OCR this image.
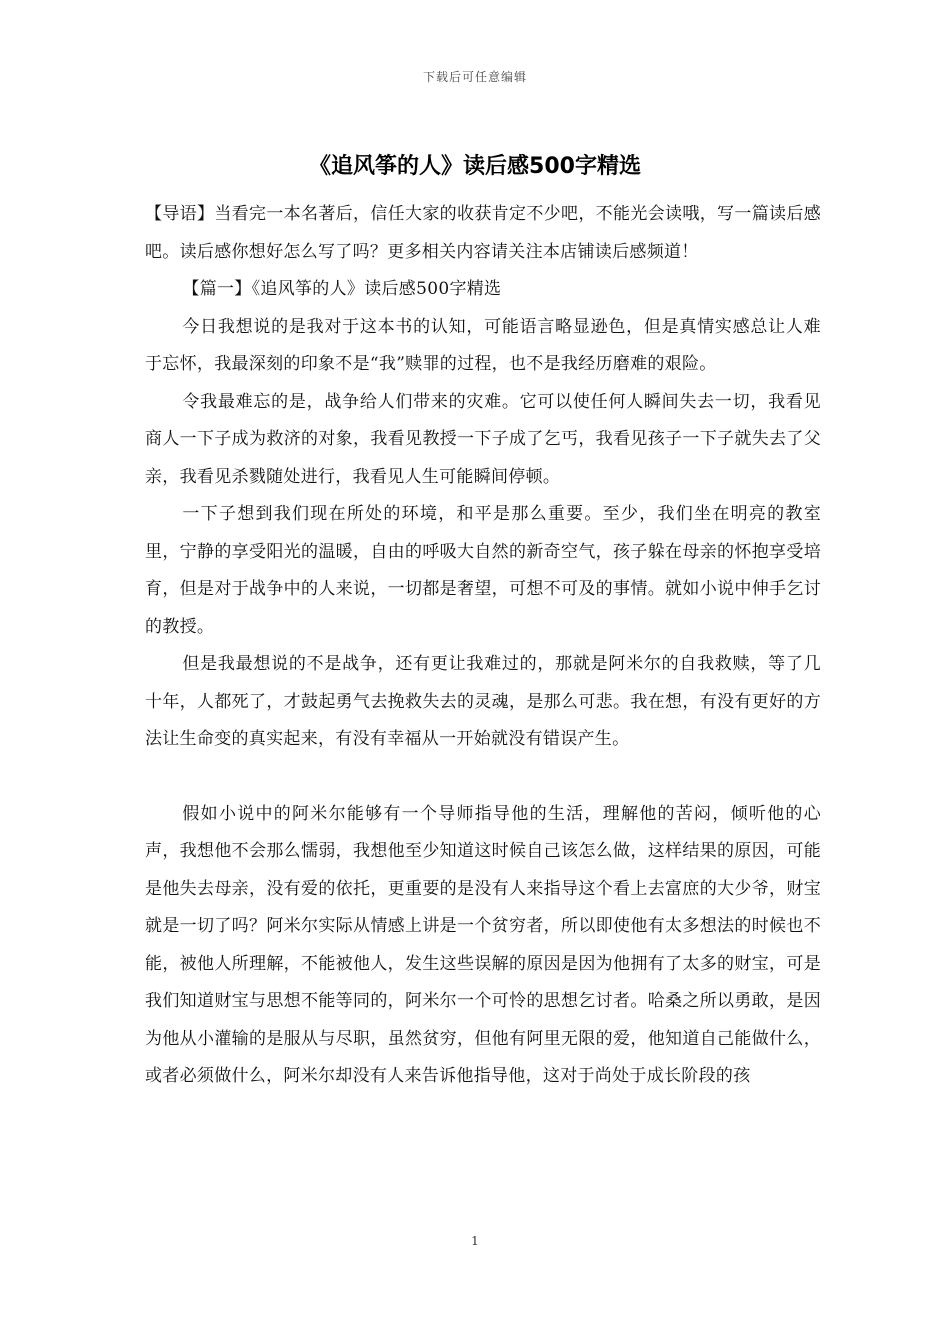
下载后可任意编辑
《追风筝的人》读后感500字精选

【导语】当看完一本名著后，信任大家的收获肯定不少吧，不能光会读哦，写一篇读后感吧。读后感你想好怎么写了吗？更多相关内容请关注本店铺读后感频道！

【篇一】《追风筝的人》读后感500字精选

今日我想说的是我对于这本书的认知，可能语言略显逊色，但是真情实感总让人难于忘怀，我最深刻的印象不是“我”赎罪的过程，也不是我经历磨难的艰险。

令我最难忘的是，战争给人们带来的灾难。它可以使任何人瞬间失去一切，我看见商人一下子成为救济的对象，我看见教授一下子成了乞丐，我看见孩子一下子就失去了父亲，我看见杀戮随处进行，我看见人生可能瞬间停顿。

一下子想到我们现在所处的环境，和平是那么重要。至少，我们坐在明亮的教室里，宁静的享受阳光的温暖，自由的呼吸大自然的新奇空气，孩子躲在母亲的怀抱享受培育，但是对于战争中的人来说，一切都是奢望，可想不可及的事情。就如小说中伸手乞讨的教授。

但是我最想说的不是战争，还有更让我难过的，那就是阿米尔的自我救赎，等了几十年，人都死了，才鼓起勇气去挽救失去的灵魂，是那么可悲。我在想，有没有更好的方法让生命变的真实起来，有没有幸福从一开始就没有错误产生。

假如小说中的阿米尔能够有一个导师指导他的生活，理解他的苦闷，倾听他的心声，我想他不会那么懦弱，我想他至少知道这时候自己该怎么做，这样结果的原因，可能是他失去母亲，没有爱的依托，更重要的是没有人来指导这个看上去富庶的大少爷，财宝就是一切了吗？阿米尔实际从情感上讲是一个贫穷者，所以即使他有太多想法的时候也不能，被他人所理解，不能被他人，发生这些误解的原因是因为他拥有了太多的财宝，可是我们知道财宝与思想不能等同的，阿米尔一个可怜的思想乞讨者。哈桑之所以勇敢，是因为他从小灌输的是服从与尽职，虽然贫穷，但他有阿里无限的爱，他知道自己能做什么，或者必须做什么，阿米尔却没有人来告诉他指导他，这对于尚处于成长阶段的孩

1
